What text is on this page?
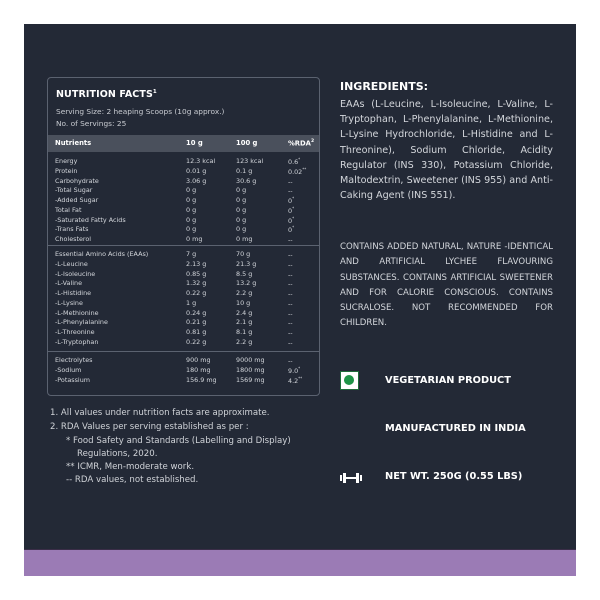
NUTRITION FACTS$^1$
Serving Size: 2 heaping Scoops (10g approx.)
No. of Servings: 25
Nutrients	10 g	100 g	%RDA$^2$
Energy	12.3 kcal	123 kcal	0.6*
Protein	0.01 g	0.1 g	0.02**
Carbohydrate	3.06 g	30.6 g	--
-Total Sugar	0 g	0 g	--
-Added Sugar	0 g	0 g	0*
Total Fat	0 g	0 g	0*
-Saturated Fatty Acids	0 g	0 g	0*
-Trans Fats	0 g	0 g	0*
Cholesterol	0 mg	0 mg	--
Essential Amino Acids (EAAs)	7 g	70 g	--
-L-Leucine	2.13 g	21.3 g	--
-L-Isoleucine	0.85 g	8.5 g	--
-L-Valine	1.32 g	13.2 g	--
-L-Histidine	0.22 g	2.2 g	--
-L-Lysine	1 g	10 g	--
-L-Methionine	0.24 g	2.4 g	--
-L-Phenylalanine	0.21 g	2.1 g	--
-L-Threonine	0.81 g	8.1 g	--
-L-Tryptophan	0.22 g	2.2 g	--
Electrolytes	900 mg	9000 mg	--
-Sodium	180 mg	1800 mg	9.0*
-Potassium	156.9 mg	1569 mg	4.2**
1. All values under nutrition facts are approximate.
2. RDA Values per serving established as per :
* Food Safety and Standards (Labelling and Display)
Regulations, 2020.
** ICMR, Men-moderate work.
-- RDA values, not established.
INGREDIENTS:
EAAs (L-Leucine, L-Isoleucine, L-Valine, L-Tryptophan, L-Phenylalanine, L-Methionine, L-Lysine Hydrochloride, L-Histidine and L-Threonine), Sodium Chloride, Acidity Regulator (INS 330), Potassium Chloride, Maltodextrin, Sweetener (INS 955) and Anti-Caking Agent (INS 551).
CONTAINS ADDED NATURAL, NATURE -IDENTICAL AND ARTIFICIAL LYCHEE FLAVOURING SUBSTANCES. CONTAINS ARTIFICIAL SWEETENER AND FOR CALORIE CONSCIOUS. CONTAINS SUCRALOSE. NOT RECOMMENDED FOR CHILDREN.
VEGETARIAN PRODUCT
MANUFACTURED IN INDIA
NET WT. 250G (0.55 LBS)
